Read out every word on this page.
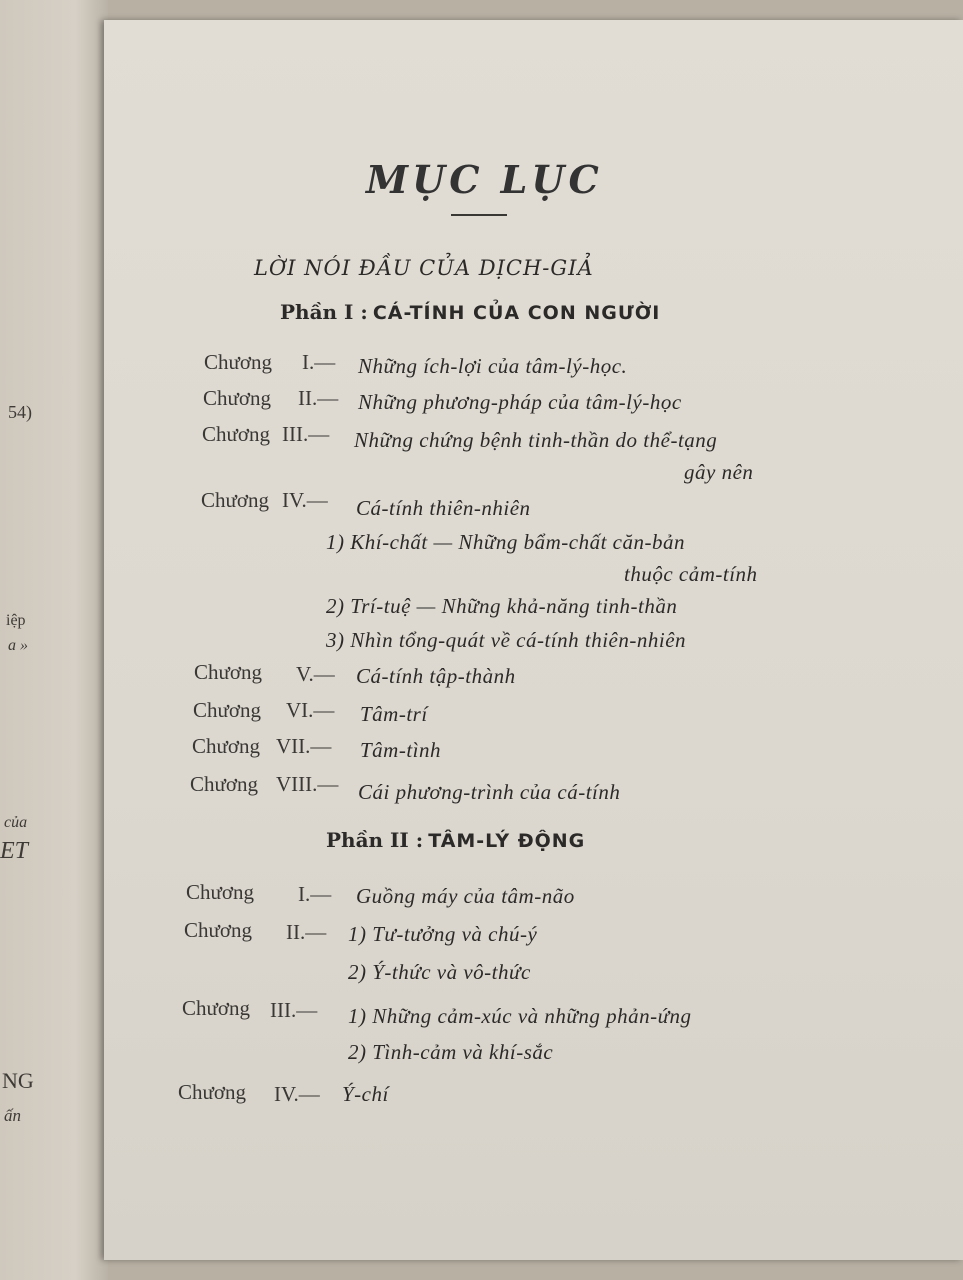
54)
iệp
a »
của
ET
NG
ấn
MỤC LỤC
LỜI NÓI ĐẦU CỦA DỊCH-GIẢ
Phần I : CÁ-TÍNH CỦA CON NGƯỜI
Chương I.— Những ích-lợi của tâm-lý-học.
Chương II.— Những phương-pháp của tâm-lý-học
Chương III.— Những chứng bệnh tinh-thần do thể-tạng
gây nên
Chương IV.— Cá-tính thiên-nhiên
1) Khí-chất — Những bẩm-chất căn-bản
thuộc cảm-tính
2) Trí-tuệ — Những khả-năng tinh-thần
3) Nhìn tổng-quát về cá-tính thiên-nhiên
Chương V.— Cá-tính tập-thành
Chương VI.— Tâm-trí
Chương VII.— Tâm-tình
Chương VIII.— Cái phương-trình của cá-tính
Phần II : TÂM-LÝ ĐỘNG
Chương I.— Guồng máy của tâm-não
Chương II.— 1) Tư-tưởng và chú-ý
2) Ý-thức và vô-thức
Chương III.— 1) Những cảm-xúc và những phản-ứng
2) Tình-cảm và khí-sắc
Chương IV.— Ý-chí
